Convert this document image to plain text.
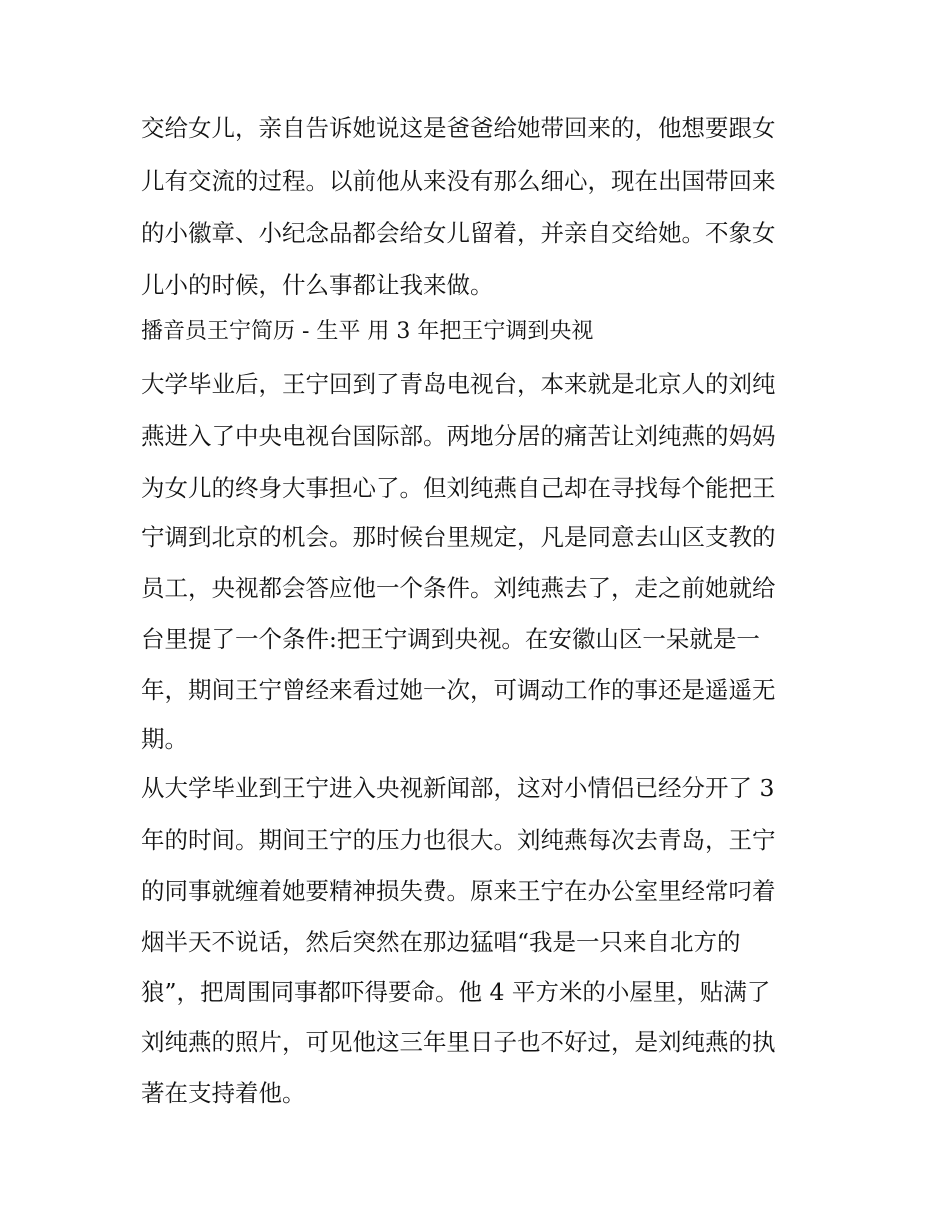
交给女儿，亲自告诉她说这是爸爸给她带回来的，他想要跟女
儿有交流的过程。以前他从来没有那么细心，现在出国带回来
的小徽章、小纪念品都会给女儿留着，并亲自交给她。不象女
儿小的时候，什么事都让我来做。
播音员王宁简历 - 生平 用 3 年把王宁调到央视
大学毕业后，王宁回到了青岛电视台，本来就是北京人的刘纯
燕进入了中央电视台国际部。两地分居的痛苦让刘纯燕的妈妈
为女儿的终身大事担心了。但刘纯燕自己却在寻找每个能把王
宁调到北京的机会。那时候台里规定，凡是同意去山区支教的
员工，央视都会答应他一个条件。刘纯燕去了，走之前她就给
台里提了一个条件:把王宁调到央视。在安徽山区一呆就是一
年，期间王宁曾经来看过她一次，可调动工作的事还是遥遥无
期。
从大学毕业到王宁进入央视新闻部，这对小情侣已经分开了 3
年的时间。期间王宁的压力也很大。刘纯燕每次去青岛，王宁
的同事就缠着她要精神损失费。原来王宁在办公室里经常叼着
烟半天不说话，然后突然在那边猛唱“我是一只来自北方的
狼”，把周围同事都吓得要命。他 4 平方米的小屋里，贴满了
刘纯燕的照片，可见他这三年里日子也不好过，是刘纯燕的执
著在支持着他。
